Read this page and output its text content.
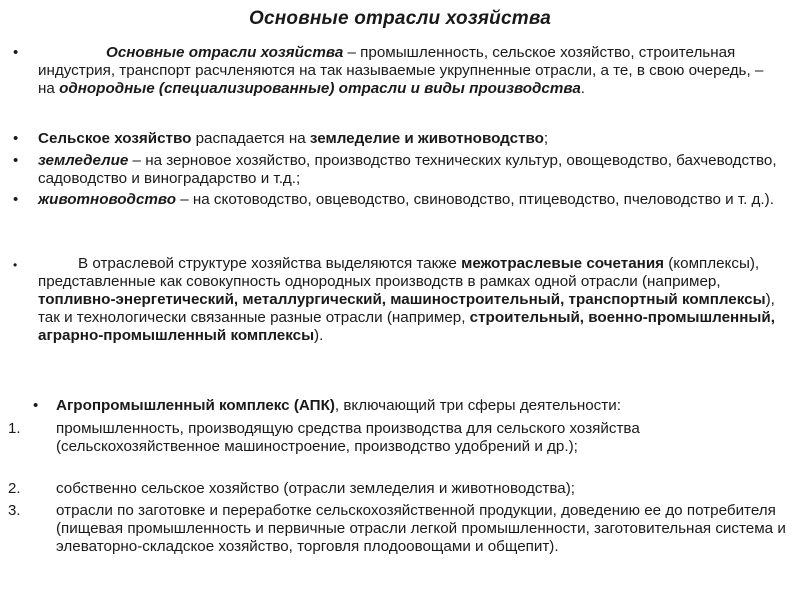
Основные отрасли хозяйства
•	Основные отрасли хозяйства – промышленность, сельское хозяйство, строительная индустрия, транспорт расчленяются на так называемые укрупненные отрасли, а те, в свою очередь, – на однородные (специализированные) отрасли и виды производства.
• Сельское хозяйство распадается на земледелие и животноводство;
• земледелие – на зерновое хозяйство, производство технических культур, овощеводство, бахчеводство, садоводство и виноградарство и т.д.;
• животноводство – на скотоводство, овцеводство, свиноводство, птицеводство, пчеловодство и т. д.).
•	В отраслевой структуре хозяйства выделяются также межотраслевые сочетания (комплексы), представленные как совокупность однородных производств в рамках одной отрасли (например, топливно-энергетический, металлургический, машиностроительный, транспортный комплексы), так и технологически связанные разные отрасли (например, строительный, военно-промышленный, аграрно-промышленный комплексы).
• Агропромышленный комплекс (АПК), включающий три сферы деятельности:
1. промышленность, производящую средства производства для сельского хозяйства (сельскохозяйственное машиностроение, производство удобрений и др.);
2. собственно сельское хозяйство (отрасли земледелия и животноводства);
3. отрасли по заготовке и переработке сельскохозяйственной продукции, доведению ее до потребителя (пищевая промышленность и первичные отрасли легкой промышленности, заготовительная система и элеваторно-складское хозяйство, торговля плодоовощами и общепит).
